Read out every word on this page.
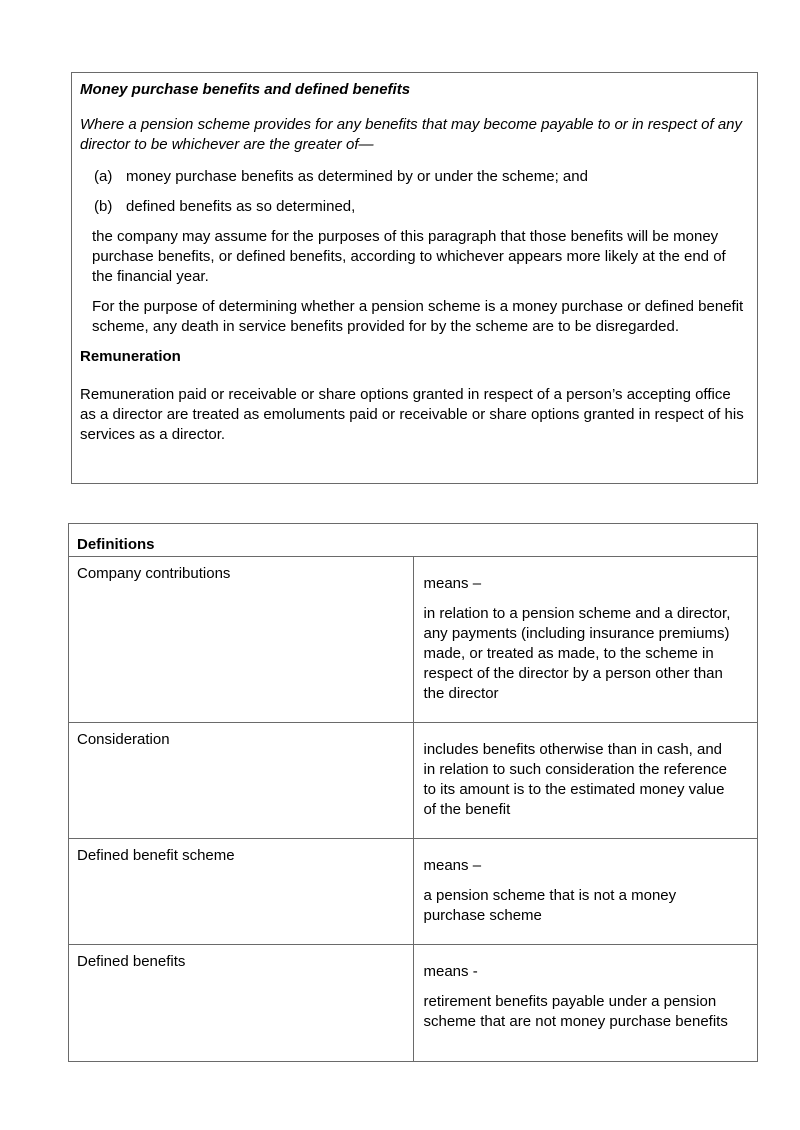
Money purchase benefits and defined benefits

Where a pension scheme provides for any benefits that may become payable to or in respect of any director to be whichever are the greater of—

(a) money purchase benefits as determined by or under the scheme; and
(b) defined benefits as so determined,

the company may assume for the purposes of this paragraph that those benefits will be money purchase benefits, or defined benefits, according to whichever appears more likely at the end of the financial year.

For the purpose of determining whether a pension scheme is a money purchase or defined benefit scheme, any death in service benefits provided for by the scheme are to be disregarded.

Remuneration

Remuneration paid or receivable or share options granted in respect of a person’s accepting office as a director are treated as emoluments paid or receivable or share options granted in respect of his services as a director.

Definitions	
Company contributions	means –

in relation to a pension scheme and a director, any payments (including insurance premiums) made, or treated as made, to the scheme in respect of the director by a person other than the director

Consideration	includes benefits otherwise than in cash, and in relation to such consideration the reference to its amount is to the estimated money value of the benefit

Defined benefit scheme	means –

a pension scheme that is not a money purchase scheme

Defined benefits	means -

retirement benefits payable under a pension scheme that are not money purchase benefits
